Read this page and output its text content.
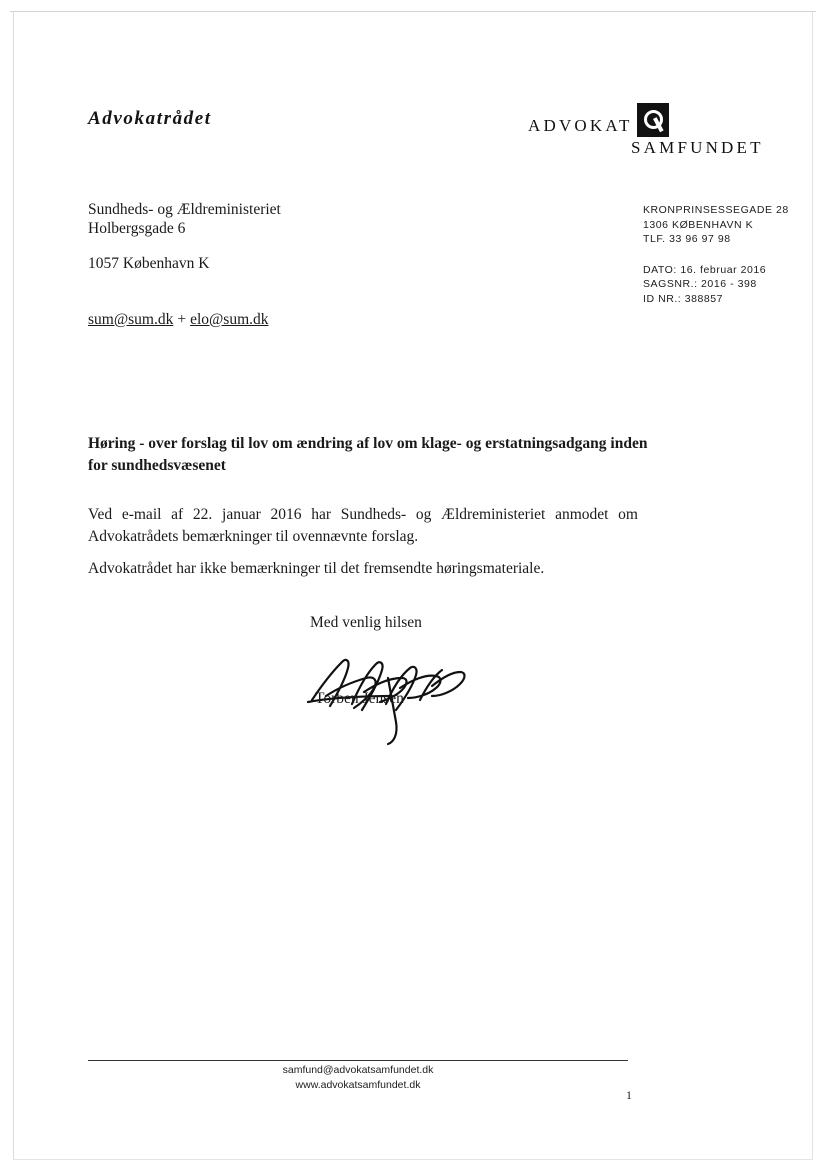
Advokatrådet	ADVOKAT
SAMFUNDET
Sundheds- og Ældreministeriet
Holbergsgade 6
1057 København K
sum@sum.dk + elo@sum.dk
KRONPRINSESSEGADE 28
1306 KØBENHAVN K
TLF. 33 96 97 98
DATO: 16. februar 2016
SAGSNR.: 2016 - 398
ID NR.: 388857
Høring - over forslag til lov om ændring af lov om klage- og erstatningsadgang inden for sundhedsvæsenet
Ved e-mail af 22. januar 2016 har Sundheds- og Ældreministeriet anmodet om Advokatrådets bemærkninger til ovennævnte forslag.
Advokatrådet har ikke bemærkninger til det fremsendte høringsmateriale.
Med venlig hilsen
Torben Jensen
samfund@advokatsamfundet.dk
www.advokatsamfundet.dk
1
